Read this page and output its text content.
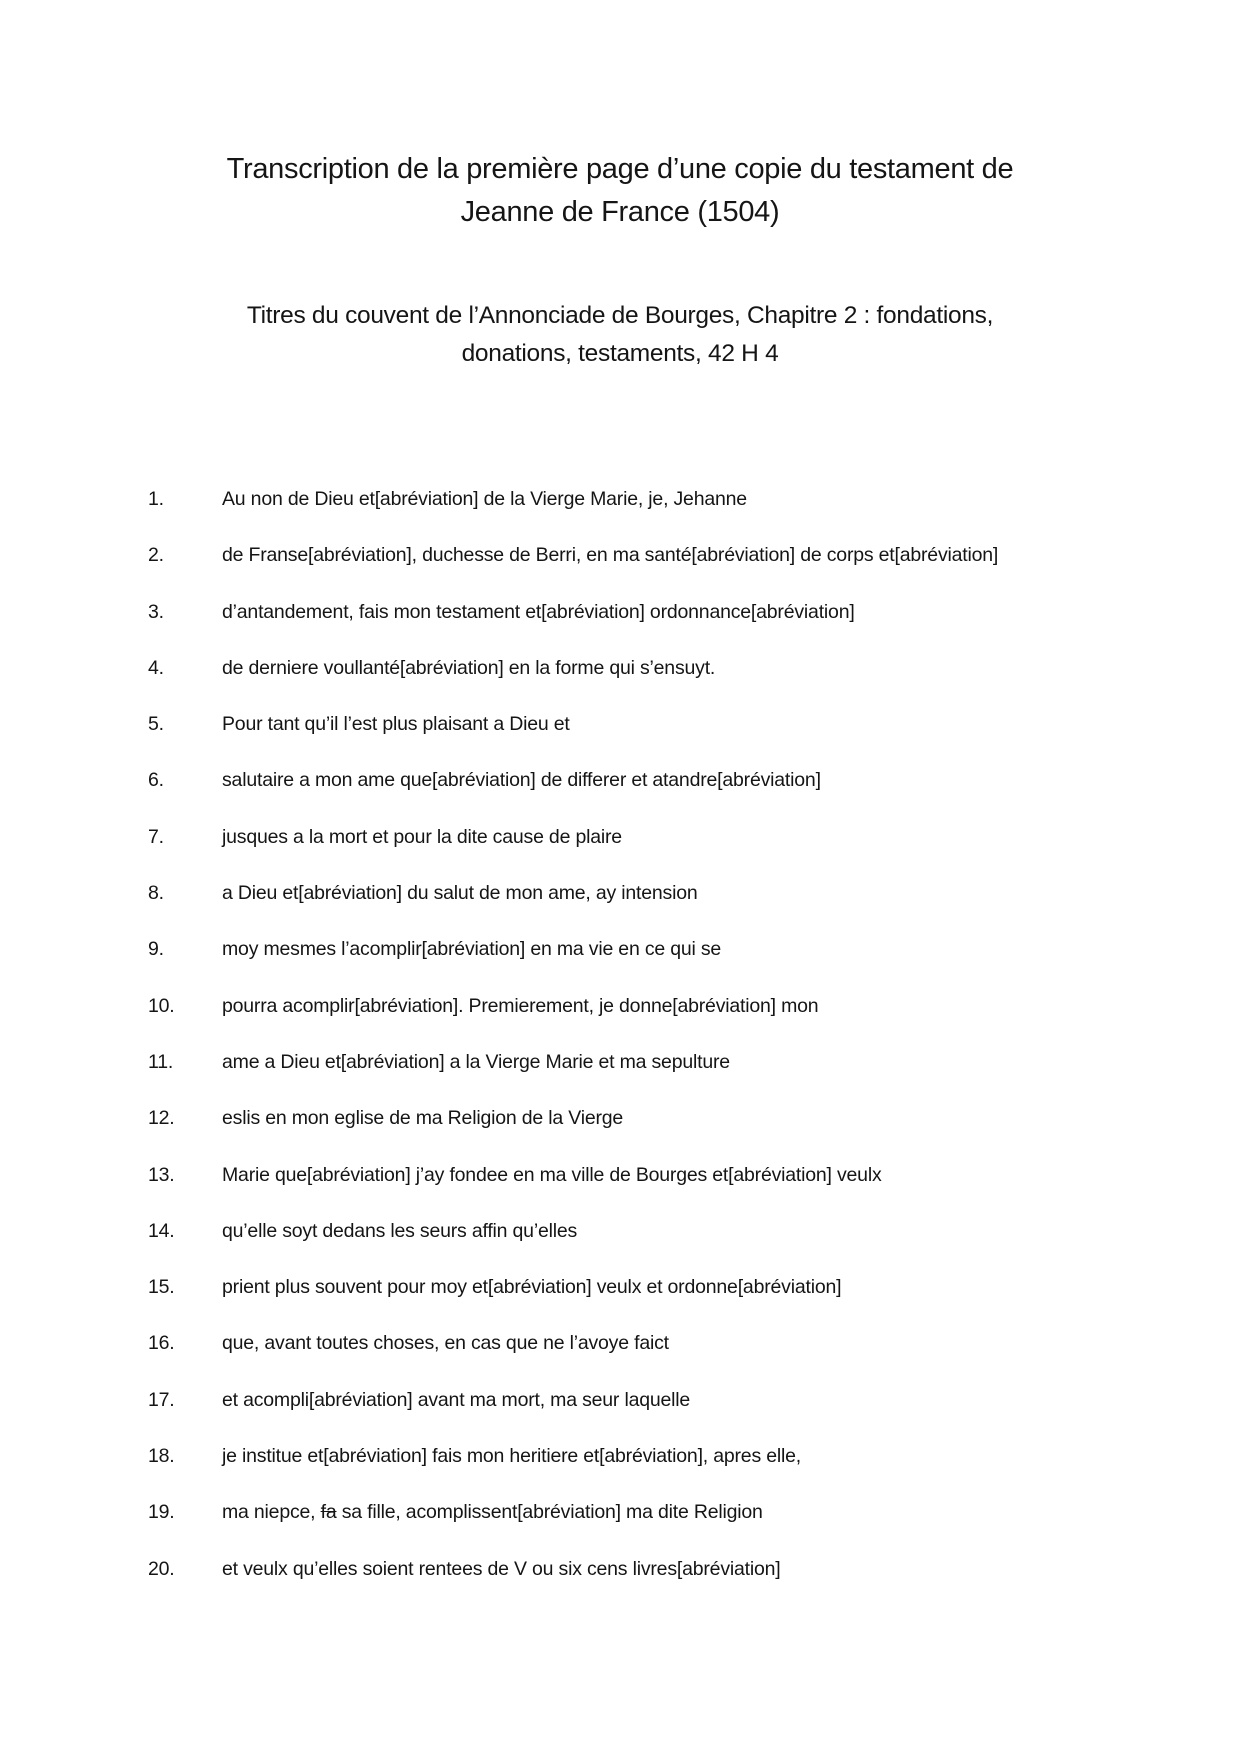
Transcription de la première page d’une copie du testament de
Jeanne de France (1504)
Titres du couvent de l’Annonciade de Bourges, Chapitre 2 : fondations,
donations, testaments, 42 H 4
1.	Au non de Dieu et[abréviation] de la Vierge Marie, je, Jehanne
2.	de Franse[abréviation], duchesse de Berri, en ma santé[abréviation] de corps et[abréviation]
3.	d’antandement, fais mon testament et[abréviation] ordonnance[abréviation]
4.	de derniere voullanté[abréviation] en la forme qui s’ensuyt.
5.	Pour tant qu’il l’est plus plaisant a Dieu et
6.	salutaire a mon ame que[abréviation] de differer et atandre[abréviation]
7.	jusques a la mort et pour la dite cause de plaire
8.	a Dieu et[abréviation] du salut de mon ame, ay intension
9.	moy mesmes l’acomplir[abréviation] en ma vie en ce qui se
10. pourra acomplir[abréviation]. Premierement, je donne[abréviation] mon
11.	ame a Dieu et[abréviation] a la Vierge Marie et ma sepulture
12. eslis en mon eglise de ma Religion de la Vierge
13. Marie que[abréviation] j’ay fondee en ma ville de Bourges et[abréviation] veulx
14. qu’elle soyt dedans les seurs affin qu’elles
15. prient plus souvent pour moy et[abréviation] veulx et ordonne[abréviation]
16. que, avant toutes choses, en cas que ne l’avoye faict
17. et acompli[abréviation] avant ma mort, ma seur laquelle
18. je institue et[abréviation] fais mon heritiere et[abréviation], apres elle,
19. ma niepce, fa sa fille, acomplissent[abréviation] ma dite Religion
20. et veulx qu’elles soient rentees de V ou six cens livres[abréviation]
